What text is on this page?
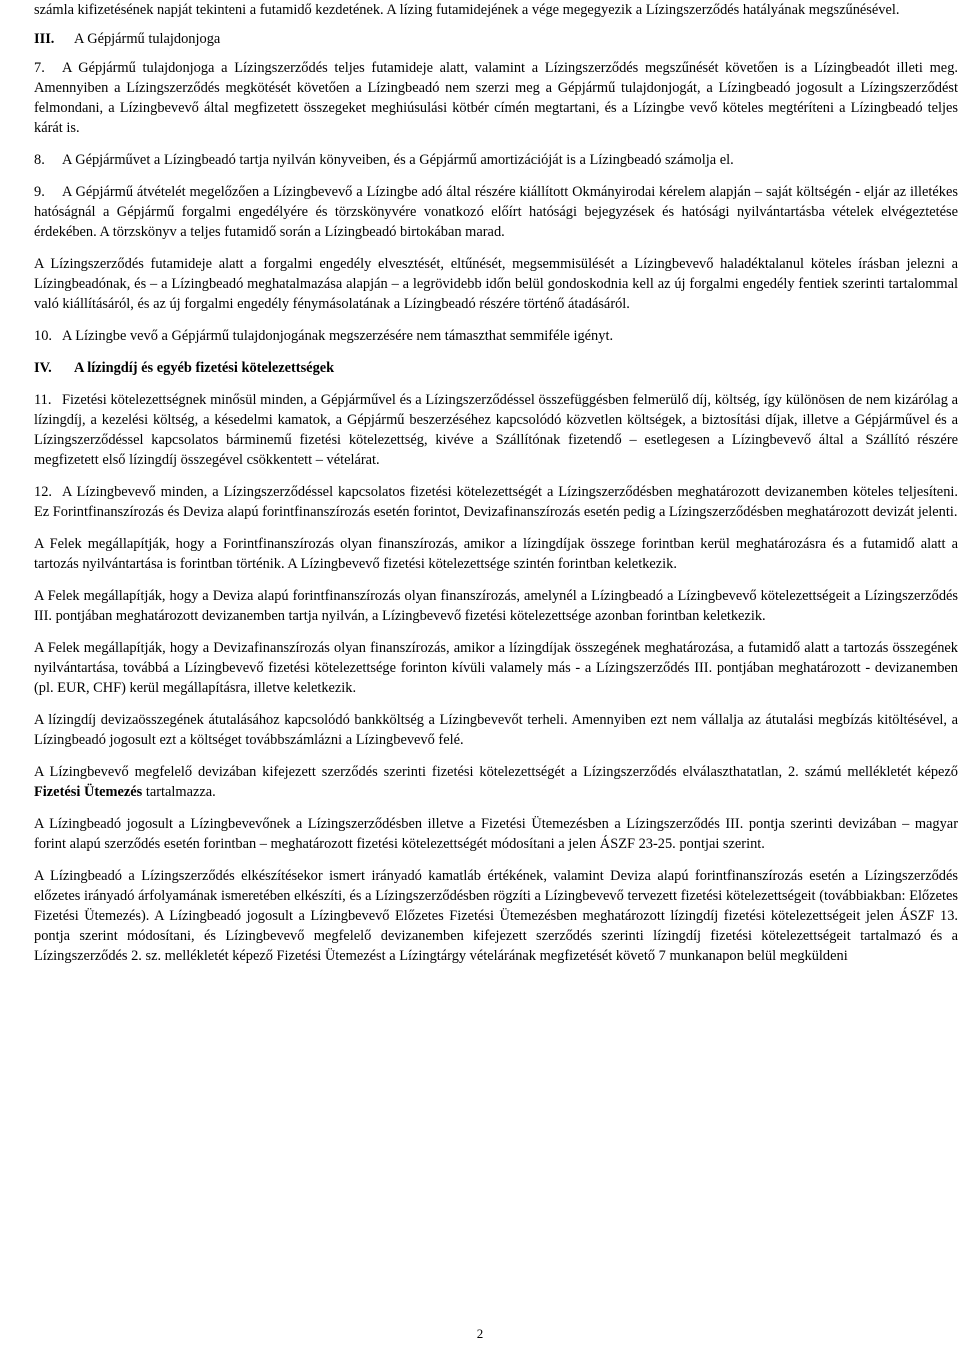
számla kifizetésének napját tekinteni a futamidő kezdetének. A lízing futamidejének a vége megegyezik a Lízingszerződés hatályának megszűnésével.

III. A Gépjármű tulajdonjoga

7. A Gépjármű tulajdonjoga a Lízingszerződés teljes futamideje alatt, valamint a Lízingszerződés megszűnését követően is a Lízingbeadót illeti meg. Amennyiben a Lízingszerződés megkötését követően a Lízingbeadó nem szerzi meg a Gépjármű tulajdonjogát, a Lízingbeadó jogosult a Lízingszerződést felmondani, a Lízingbevevő által megfizetett összegeket meghiúsulási kötbér címén megtartani, és a Lízingbe vevő köteles megtéríteni a Lízingbeadó teljes kárát is.

8. A Gépjárművet a Lízingbeadó tartja nyilván könyveiben, és a Gépjármű amortizációját is a Lízingbeadó számolja el.

9. A Gépjármű átvételét megelőzően a Lízingbevevő a Lízingbe adó által részére kiállított Okmányirodai kérelem alapján – saját költségén - eljár az illetékes hatóságnál a Gépjármű forgalmi engedélyére és törzskönyvére vonatkozó előírt hatósági bejegyzések és hatósági nyilvántartásba vételek elvégeztetése érdekében. A törzskönyv a teljes futamidő során a Lízingbeadó birtokában marad.

A Lízingszerződés futamideje alatt a forgalmi engedély elvesztését, eltűnését, megsemmisülését a Lízingbevevő haladéktalanul köteles írásban jelezni a Lízingbeadónak, és – a Lízingbeadó meghatalmazása alapján – a legrövidebb időn belül gondoskodnia kell az új forgalmi engedély fentiek szerinti tartalommal való kiállításáról, és az új forgalmi engedély fénymásolatának a Lízingbeadó részére történő átadásáról.

10. A Lízingbe vevő a Gépjármű tulajdonjogának megszerzésére nem támaszthat semmiféle igényt.

IV. A lízingdíj és egyéb fizetési kötelezettségek

11. Fizetési kötelezettségnek minősül minden, a Gépjárművel és a Lízingszerződéssel összefüggésben felmerülő díj, költség, így különösen de nem kizárólag a lízingdíj, a kezelési költség, a késedelmi kamatok, a Gépjármű beszerzéséhez kapcsolódó közvetlen költségek, a biztosítási díjak, illetve a Gépjárművel és a Lízingszerződéssel kapcsolatos bárminemű fizetési kötelezettség, kivéve a Szállítónak fizetendő – esetlegesen a Lízingbevevő által a Szállító részére megfizetett első lízingdíj összegével csökkentett – vételárat.

12. A Lízingbevevő minden, a Lízingszerződéssel kapcsolatos fizetési kötelezettségét a Lízingszerződésben meghatározott devizanemben köteles teljesíteni. Ez Forintfinanszírozás és Deviza alapú forintfinanszírozás esetén forintot, Devizafinanszírozás esetén pedig a Lízingszerződésben meghatározott devizát jelenti.

A Felek megállapítják, hogy a Forintfinanszírozás olyan finanszírozás, amikor a lízingdíjak összege forintban kerül meghatározásra és a futamidő alatt a tartozás nyilvántartása is forintban történik. A Lízingbevevő fizetési kötelezettsége szintén forintban keletkezik.

A Felek megállapítják, hogy a Deviza alapú forintfinanszírozás olyan finanszírozás, amelynél a Lízingbeadó a Lízingbevevő kötelezettségeit a Lízingszerződés III. pontjában meghatározott devizanemben tartja nyilván, a Lízingbevevő fizetési kötelezettsége azonban forintban keletkezik.

A Felek megállapítják, hogy a Devizafinanszírozás olyan finanszírozás, amikor a lízingdíjak összegének meghatározása, a futamidő alatt a tartozás összegének nyilvántartása, továbbá a Lízingbevevő fizetési kötelezettsége forinton kívüli valamely más - a Lízingszerződés III. pontjában meghatározott - devizanemben (pl. EUR, CHF) kerül megállapításra, illetve keletkezik.

A lízingdíj devizaösszegének átutalásához kapcsolódó bankköltség a Lízingbevevőt terheli. Amennyiben ezt nem vállalja az átutalási megbízás kitöltésével, a Lízingbeadó jogosult ezt a költséget továbbszámlázni a Lízingbevevő felé.

A Lízingbevevő megfelelő devizában kifejezett szerződés szerinti fizetési kötelezettségét a Lízingszerződés elválaszthatatlan, 2. számú mellékletét képező Fizetési Ütemezés tartalmazza.

A Lízingbeadó jogosult a Lízingbevevőnek a Lízingszerződésben illetve a Fizetési Ütemezésben a Lízingszerződés III. pontja szerinti devizában – magyar forint alapú szerződés esetén forintban – meghatározott fizetési kötelezettségét módosítani a jelen ÁSZF 23-25. pontjai szerint.

A Lízingbeadó a Lízingszerződés elkészítésekor ismert irányadó kamatláb értékének, valamint Deviza alapú forintfinanszírozás esetén a Lízingszerződés előzetes irányadó árfolyamának ismeretében elkészíti, és a Lízingszerződésben rögzíti a Lízingbevevő tervezett fizetési kötelezettségeit (továbbiakban: Előzetes Fizetési Ütemezés). A Lízingbeadó jogosult a Lízingbevevő Előzetes Fizetési Ütemezésben meghatározott lízingdíj fizetési kötelezettségeit jelen ÁSZF 13. pontja szerint módosítani, és Lízingbevevő megfelelő devizanemben kifejezett szerződés szerinti lízingdíj fizetési kötelezettségeit tartalmazó és a Lízingszerződés 2. sz. mellékletét képező Fizetési Ütemezést a Lízingtárgy vételárának megfizetését követő 7 munkanapon belül megküldeni

2
